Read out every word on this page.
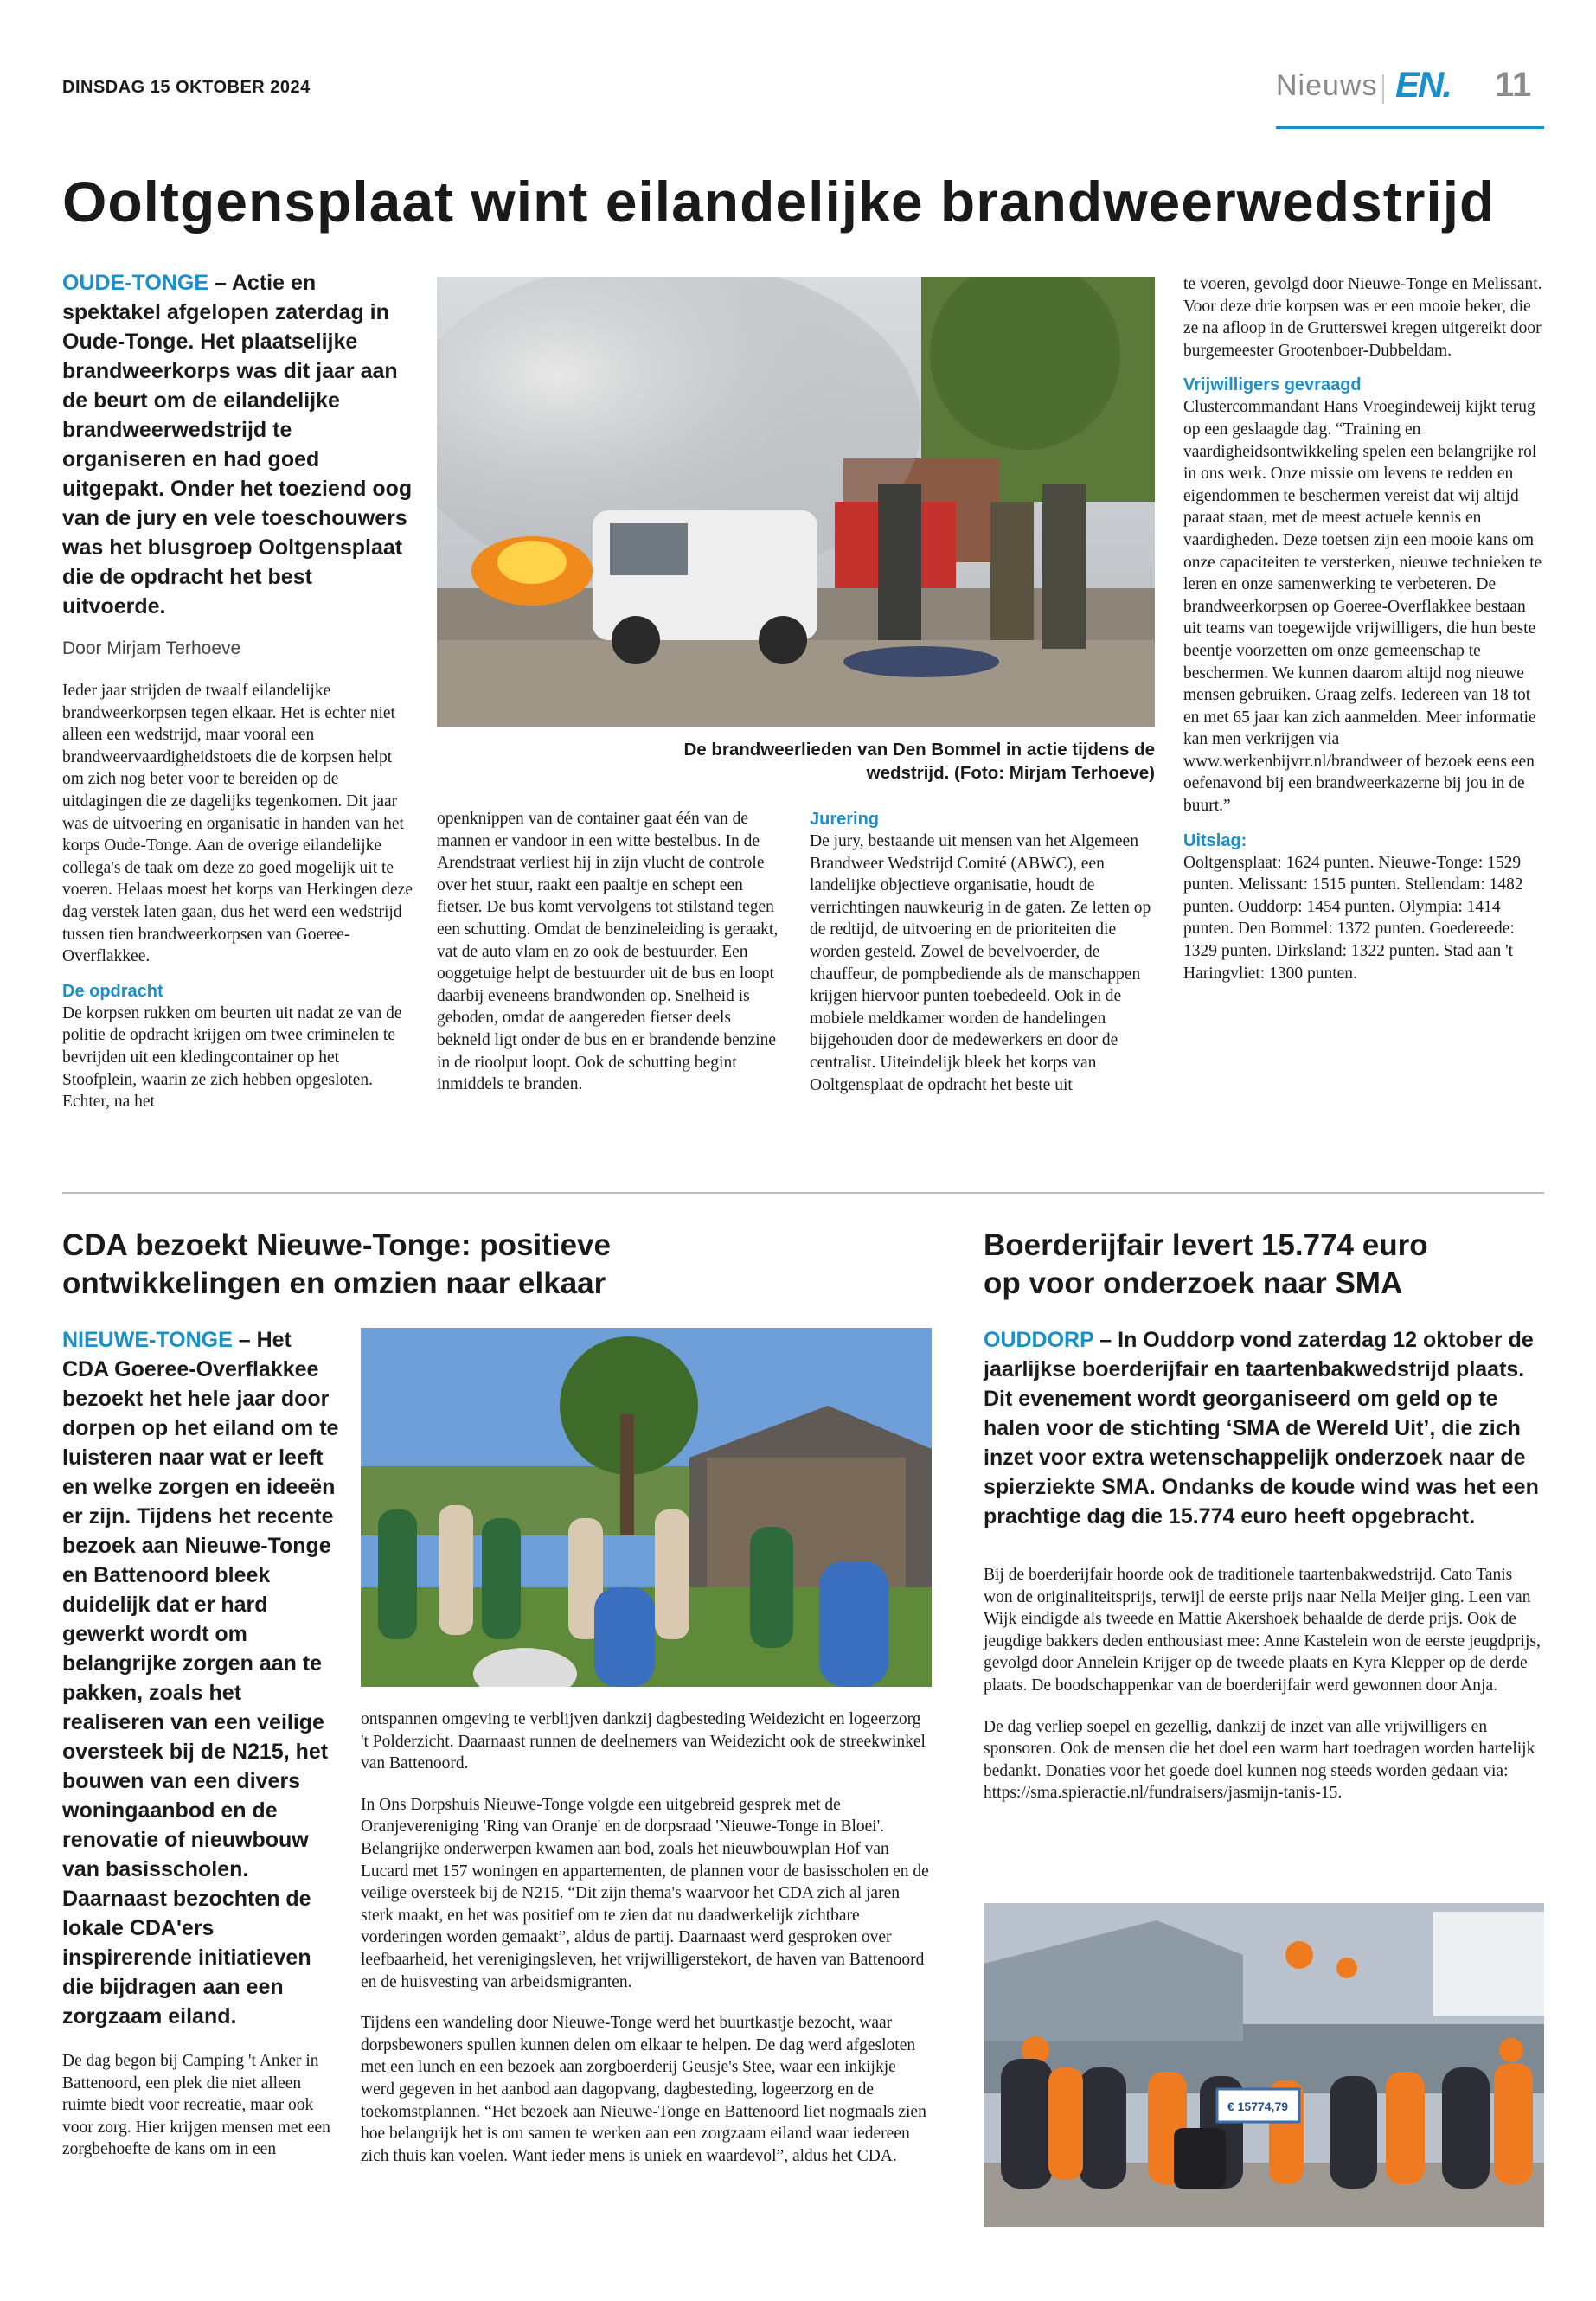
DINSDAG 15 OKTOBER 2024	Nieuws EN. 11
Ooltgensplaat wint eilandelijke brandweerwedstrijd
OUDE-TONGE – Actie en spektakel afgelopen zaterdag in Oude-Tonge. Het plaatselijke brandweerkorps was dit jaar aan de beurt om de eilandelijke brandweerwedstrijd te organiseren en had goed uitgepakt. Onder het toeziend oog van de jury en vele toeschouwers was het blusgroep Ooltgensplaat die de opdracht het best uitvoerde.
Door Mirjam Terhoeve
Ieder jaar strijden de twaalf eilandelijke brandweerkorpsen tegen elkaar. Het is echter niet alleen een wedstrijd, maar vooral een brandweervaardigheidstoets die de korpsen helpt om zich nog beter voor te bereiden op de uitdagingen die ze dagelijks tegenkomen. Dit jaar was de uitvoering en organisatie in handen van het korps Oude-Tonge. Aan de overige eilandelijke collega's de taak om deze zo goed mogelijk uit te voeren. Helaas moest het korps van Herkingen deze dag verstek laten gaan, dus het werd een wedstrijd tussen tien brandweerkorpsen van Goeree-Overflakkee.
De opdracht
De korpsen rukken om beurten uit nadat ze van de politie de opdracht krijgen om twee criminelen te bevrijden uit een kledingcontainer op het Stoofplein, waarin ze zich hebben opgesloten. Echter, na het
De brandweerlieden van Den Bommel in actie tijdens de wedstrijd. (Foto: Mirjam Terhoeve)
openknippen van de container gaat één van de mannen er vandoor in een witte bestelbus. In de Arendstraat verliest hij in zijn vlucht de controle over het stuur, raakt een paaltje en schept een fietser. De bus komt vervolgens tot stilstand tegen een schutting. Omdat de benzineleiding is geraakt, vat de auto vlam en zo ook de bestuurder. Een ooggetuige helpt de bestuurder uit de bus en loopt daarbij eveneens brandwonden op. Snelheid is geboden, omdat de aangereden fietser deels bekneld ligt onder de bus en er brandende benzine in de rioolput loopt. Ook de schutting begint inmiddels te branden.
Jurering
De jury, bestaande uit mensen van het Algemeen Brandweer Wedstrijd Comité (ABWC), een landelijke objectieve organisatie, houdt de verrichtingen nauwkeurig in de gaten. Ze letten op de redtijd, de uitvoering en de prioriteiten die worden gesteld. Zowel de bevelvoerder, de chauffeur, de pompbediende als de manschappen krijgen hiervoor punten toebedeeld. Ook in de mobiele meldkamer worden de handelingen bijgehouden door de medewerkers en door de centralist. Uiteindelijk bleek het korps van Ooltgensplaat de opdracht het beste uit
te voeren, gevolgd door Nieuwe-Tonge en Melissant. Voor deze drie korpsen was er een mooie beker, die ze na afloop in de Grutterswei kregen uitgereikt door burgemeester Grootenboer-Dubbeldam.
Vrijwilligers gevraagd
Clustercommandant Hans Vroegindeweij kijkt terug op een geslaagde dag. “Training en vaardigheidsontwikkeling spelen een belangrijke rol in ons werk. Onze missie om levens te redden en eigendommen te beschermen vereist dat wij altijd paraat staan, met de meest actuele kennis en vaardigheden. Deze toetsen zijn een mooie kans om onze capaciteiten te versterken, nieuwe technieken te leren en onze samenwerking te verbeteren. De brandweerkorpsen op Goeree-Overflakkee bestaan uit teams van toegewijde vrijwilligers, die hun beste beentje voorzetten om onze gemeenschap te beschermen. We kunnen daarom altijd nog nieuwe mensen gebruiken. Graag zelfs. Iedereen van 18 tot en met 65 jaar kan zich aanmelden. Meer informatie kan men verkrijgen via www.werkenbijvrr.nl/brandweer of bezoek eens een oefenavond bij een brandweerkazerne bij jou in de buurt.”
Uitslag:
Ooltgensplaat: 1624 punten. Nieuwe-Tonge: 1529 punten. Melissant: 1515 punten. Stellendam: 1482 punten. Ouddorp: 1454 punten. Olympia: 1414 punten. Den Bommel: 1372 punten. Goedereede: 1329 punten. Dirksland: 1322 punten. Stad aan 't Haringvliet: 1300 punten.
CDA bezoekt Nieuwe-Tonge: positieve
ontwikkelingen en omzien naar elkaar
NIEUWE-TONGE – Het CDA Goeree-Overflakkee bezoekt het hele jaar door dorpen op het eiland om te luisteren naar wat er leeft en welke zorgen en ideeën er zijn. Tijdens het recente bezoek aan Nieuwe-Tonge en Battenoord bleek duidelijk dat er hard gewerkt wordt om belangrijke zorgen aan te pakken, zoals het realiseren van een veilige oversteek bij de N215, het bouwen van een divers woningaanbod en de renovatie of nieuwbouw van basisscholen. Daarnaast bezochten de lokale CDA'ers inspirerende initiatieven die bijdragen aan een zorgzaam eiland.
De dag begon bij Camping 't Anker in Battenoord, een plek die niet alleen ruimte biedt voor recreatie, maar ook voor zorg. Hier krijgen mensen met een zorgbehoefte de kans om in een
ontspannen omgeving te verblijven dankzij dagbesteding Weidezicht en logeerzorg 't Polderzicht. Daarnaast runnen de deelnemers van Weidezicht ook de streekwinkel van Battenoord.
In Ons Dorpshuis Nieuwe-Tonge volgde een uitgebreid gesprek met de Oranjevereniging 'Ring van Oranje' en de dorpsraad 'Nieuwe-Tonge in Bloei'. Belangrijke onderwerpen kwamen aan bod, zoals het nieuwbouwplan Hof van Lucard met 157 woningen en appartementen, de plannen voor de basisscholen en de veilige oversteek bij de N215. “Dit zijn thema's waarvoor het CDA zich al jaren sterk maakt, en het was positief om te zien dat nu daadwerkelijk zichtbare vorderingen worden gemaakt”, aldus de partij. Daarnaast werd gesproken over leefbaarheid, het verenigingsleven, het vrijwilligerstekort, de haven van Battenoord en de huisvesting van arbeidsmigranten.
Tijdens een wandeling door Nieuwe-Tonge werd het buurtkastje bezocht, waar dorpsbewoners spullen kunnen delen om elkaar te helpen. De dag werd afgesloten met een lunch en een bezoek aan zorgboerderij Geusje's Stee, waar een inkijkje werd gegeven in het aanbod aan dagopvang, dagbesteding, logeerzorg en de toekomstplannen. “Het bezoek aan Nieuwe-Tonge en Battenoord liet nogmaals zien hoe belangrijk het is om samen te werken aan een zorgzaam eiland waar iedereen zich thuis kan voelen. Want ieder mens is uniek en waardevol”, aldus het CDA.
Boerderijfair levert 15.774 euro
op voor onderzoek naar SMA
OUDDORP – In Ouddorp vond zaterdag 12 oktober de jaarlijkse boerderijfair en taartenbakwedstrijd plaats. Dit evenement wordt georganiseerd om geld op te halen voor de stichting ‘SMA de Wereld Uit’, die zich inzet voor extra wetenschappelijk onderzoek naar de spierziekte SMA. Ondanks de koude wind was het een prachtige dag die 15.774 euro heeft opgebracht.
Bij de boerderijfair hoorde ook de traditionele taartenbakwedstrijd. Cato Tanis won de originaliteitsprijs, terwijl de eerste prijs naar Nella Meijer ging. Leen van Wijk eindigde als tweede en Mattie Akershoek behaalde de derde prijs. Ook de jeugdige bakkers deden enthousiast mee: Anne Kastelein won de eerste jeugdprijs, gevolgd door Annelein Krijger op de tweede plaats en Kyra Klepper op de derde plaats. De boodschappenkar van de boerderijfair werd gewonnen door Anja.
De dag verliep soepel en gezellig, dankzij de inzet van alle vrijwilligers en sponsoren. Ook de mensen die het doel een warm hart toedragen worden hartelijk bedankt. Donaties voor het goede doel kunnen nog steeds worden gedaan via: https://sma.spieractie.nl/fundraisers/jasmijn-tanis-15.
€ 15774,79
